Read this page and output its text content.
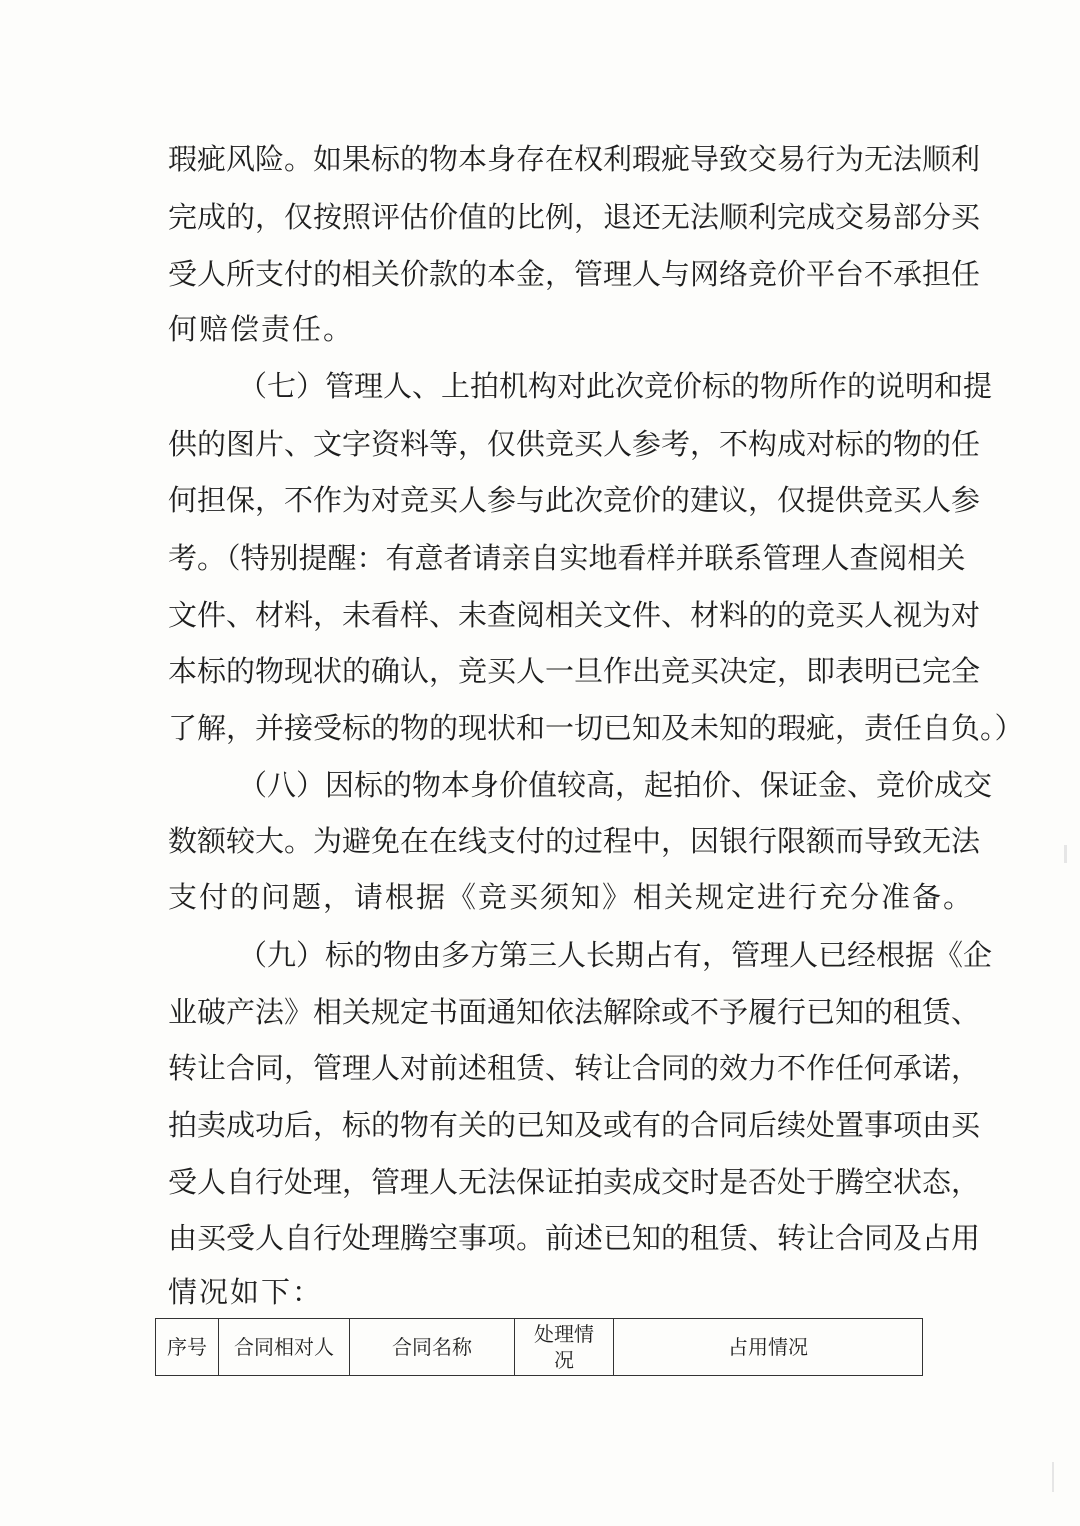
瑕疵风险。如果标的物本身存在权利瑕疵导致交易行为无法顺利
完成的，仅按照评估价值的比例，退还无法顺利完成交易部分买
受人所支付的相关价款的本金，管理人与网络竞价平台不承担任
何赔偿责任。
（七）管理人、上拍机构对此次竞价标的物所作的说明和提
供的图片、文字资料等，仅供竞买人参考，不构成对标的物的任
何担保，不作为对竞买人参与此次竞价的建议，仅提供竞买人参
考。（特别提醒：有意者请亲自实地看样并联系管理人查阅相关
文件、材料，未看样、未查阅相关文件、材料的的竞买人视为对
本标的物现状的确认，竞买人一旦作出竞买决定，即表明已完全
了解，并接受标的物的现状和一切已知及未知的瑕疵，责任自负。）
（八）因标的物本身价值较高，起拍价、保证金、竞价成交
数额较大。为避免在在线支付的过程中，因银行限额而导致无法
支付的问题，请根据《竞买须知》相关规定进行充分准备。
（九）标的物由多方第三人长期占有，管理人已经根据《企
业破产法》相关规定书面通知依法解除或不予履行已知的租赁、
转让合同，管理人对前述租赁、转让合同的效力不作任何承诺，
拍卖成功后，标的物有关的已知及或有的合同后续处置事项由买
受人自行处理，管理人无法保证拍卖成交时是否处于腾空状态，
由买受人自行处理腾空事项。前述已知的租赁、转让合同及占用
情况如下：
序号	合同相对人	合同名称	处理情况	占用情况
